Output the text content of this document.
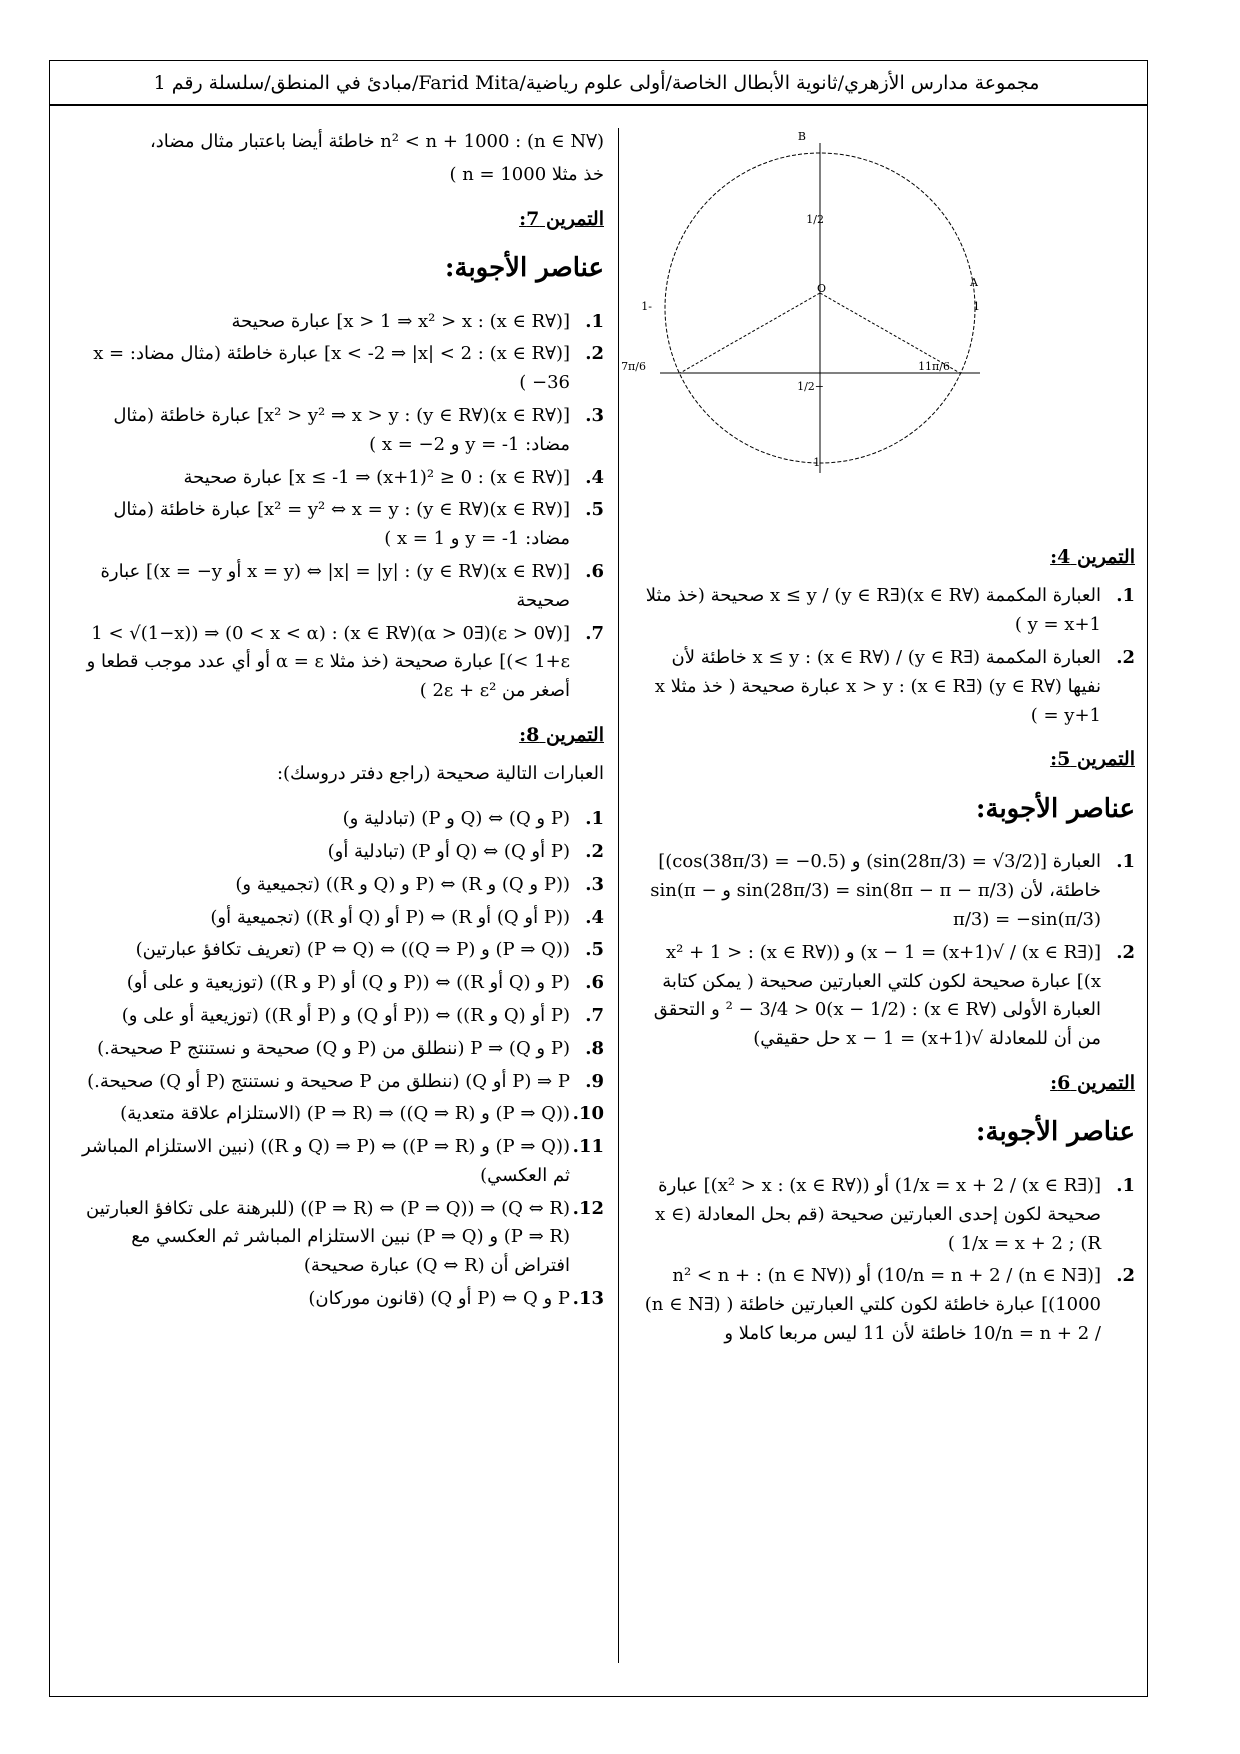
مجموعة مدارس الأزهري/ثانوية الأبطال الخاصة/أولى علوم رياضية/Farid Mita/مبادئ في المنطق/سلسلة رقم 1
B
A
O
-1	1
-1
1/2
7π/6	11π/6
−1/2
التمرين 4:
1.
العبارة المكممة (∀x ∈ R)(∃y ∈ R) / x ≤ y صحيحة (خذ مثلا y = x+1 )
2.
العبارة المكممة (∃y ∈ R) / (∀x ∈ R) : x ≤ y خاطئة لأن نفيها (∀y ∈ R) (∃x ∈ R) : x > y عبارة صحيحة ( خذ مثلا x = y+1 )
التمرين 5:
عناصر الأجوبة:
1.
العبارة [(sin(28π/3) = √3/2) و (cos(38π/3) = −0.5)] خاطئة، لأن sin(28π/3) = sin(8π − π − π/3) و sin(π − π/3) = −sin(π/3)
2.
[(∃x ∈ R) / √(x+1) = x − 1) و ((∀x ∈ R) : x² + 1 > x)] عبارة صحيحة لكون كلتي العبارتين صحيحة ( يمكن كتابة العبارة الأولى (∀x ∈ R) : (x − 1/2)² − 3/4 > 0 و التحقق من أن للمعادلة √(x+1) = x − 1 حل حقيقي)
التمرين 6:
عناصر الأجوبة:
1.
[(∃x ∈ R) / 1/x = x + 2) أو ((∀x ∈ R) : x² > x)] عبارة صحيحة لكون إحدى العبارتين صحيحة (قم بحل المعادلة (x ∈ R) ; 1/x = x + 2 )
2.
[(∃n ∈ N) / 10/n = n + 2) أو ((∀n ∈ N) : n² < n + 1000)] عبارة خاطئة لكون كلتي العبارتين خاطئة ( (∃n ∈ N) / 10/n = n + 2 خاطئة لأن 11 ليس مربعا كاملا و
(∀n ∈ N) : n² < n + 1000 خاطئة أيضا باعتبار مثال مضاد،
خذ مثلا n = 1000 )
التمرين 7:
عناصر الأجوبة:
1.
[(∀x ∈ R) : x > 1 ⇒ x² > x] عبارة صحيحة
2.
[(∀x ∈ R) : x < -2 ⇒ |x| < 2] عبارة خاطئة (مثال مضاد: x = −36 )
3.
[(∀x ∈ R)(∀y ∈ R) : x² > y² ⇒ x > y] عبارة خاطئة (مثال مضاد: y = -1 و x = −2 )
4.
[(∀x ∈ R) : x ≤ -1 ⇒ (x+1)² ≥ 0] عبارة صحيحة
5.
[(∀x ∈ R)(∀y ∈ R) : x² = y² ⇔ x = y] عبارة خاطئة (مثال مضاد: y = -1 و x = 1 )
6.
[(∀x ∈ R)(∀y ∈ R) : |x| = |y| ⇔ (x = y أو x = −y)] عبارة صحيحة
7.
[(∀ε > 0)(∃α > 0)(∀x ∈ R) : (0 < x < α) ⇒ (1 < √(1−x) < 1+ε)] عبارة صحيحة (خذ مثلا α = ε أو أي عدد موجب قطعا و أصغر من 2ε + ε² )
التمرين 8:
العبارات التالية صحيحة (راجع دفتر دروسك):
1.
(P و Q) ⇔ (Q و P) (تبادلية و)
2.
(P أو Q) ⇔ (Q أو P) (تبادلية أو)
3.
((P و Q) و R) ⇔ (P و (Q و R)) (تجميعية و)
4.
((P أو Q) أو R) ⇔ (P أو (Q أو R)) (تجميعية أو)
5.
((P ⇒ Q) و (Q ⇒ P)) ⇔ (P ⇔ Q) (تعريف تكافؤ عبارتين)
6.
(P و (Q أو R)) ⇔ ((P و Q) أو (P و R)) (توزيعية و على أو)
7.
(P أو (Q و R)) ⇔ ((P أو Q) و (P أو R)) (توزيعية أو على و)
8.
(P و Q) ⇒ P (ننطلق من (P و Q) صحيحة و نستنتج P صحيحة.)
9.
P ⇒ (P أو Q) (ننطلق من P صحيحة و نستنتج (P أو Q) صحيحة.)
10.
((P ⇒ Q) و (Q ⇒ R)) ⇒ (P ⇒ R) (الاستلزام علاقة متعدية)
11.
((P ⇒ Q) و (P ⇒ R)) ⇔ (P ⇒ (Q و R)) (نبين الاستلزام المباشر ثم العكسي)
12.
(Q ⇔ R) ⇒ ((P ⇒ Q) ⇔ (P ⇒ R)) (للبرهنة على تكافؤ العبارتين (P ⇒ R) و (P ⇒ Q) نبين الاستلزام المباشر ثم العكسي مع افتراض أن (Q ⇔ R) عبارة صحيحة)
13.
P و Q ⇔ (P أو Q) (قانون موركان)
